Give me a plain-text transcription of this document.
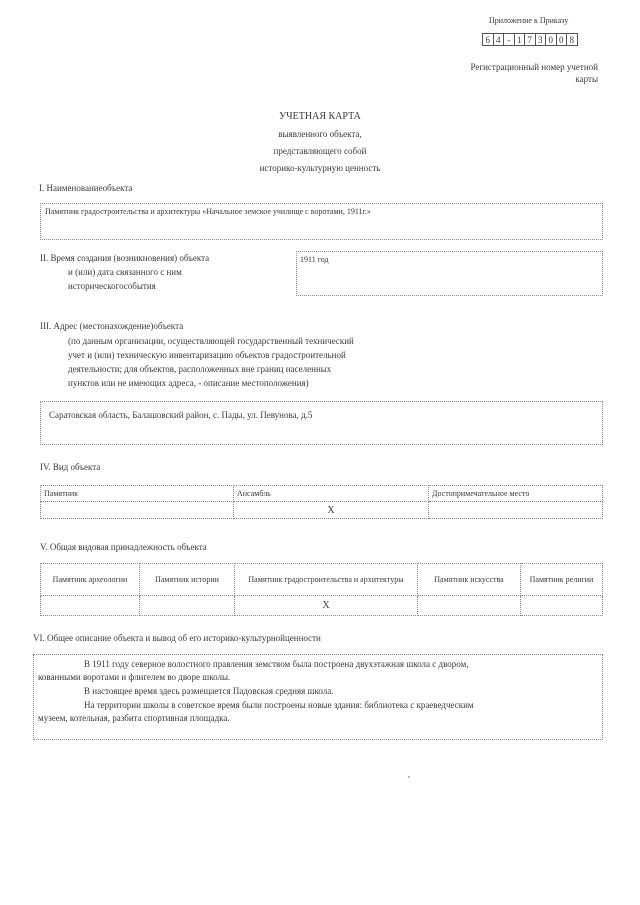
Приложение к Приказу
6 4 - 1 7 3 0 0 8
Регистрационный номер учетной
карты
УЧЕТНАЯ КАРТА
выявленного объекта,
представляющего собой
историко-культурную ценность
I. Наименованиеобъекта
Памятник градостроительства и архитектуры «Начальное земское училище с воротами, 1911г.»
II. Время создания (возникновения) объекта
и (или) дата связанного с ним
историческогособытия
1911 год
III. Адрес (местонахождение)объекта
(по данным организации, осуществляющей государственный технический
учет и (или) техническую инвентаризацию объектов градостроительной
деятельности; для объектов, расположенных вне границ населенных
пунктов или не имеющих адреса, - описание местоположения)
Саратовская область, Балашовский район, с. Пады, ул. Певунова, д.5
IV. Вид объекта
Памятник	Ансамбль	Достопримечательное место
	X	
V. Общая видовая принадлежность объекта
Памятник археологии	Памятник истории	Памятник градостроительства и архитектуры	Памятник искусства	Памятник религии
		X		
VI. Общее описание объекта и вывод об его историко-культурнойценности
В 1911 году северное волостного правления земством была построена двухэтажная школа с двором,
кованными воротами и флигелем во дворе школы.
В настоящее время здесь размещается Падовская средняя школа.
На территории школы в советское время были построены новые здания: библиотека с краеведческим
музеем, котельная, разбита спортивная площадка.
